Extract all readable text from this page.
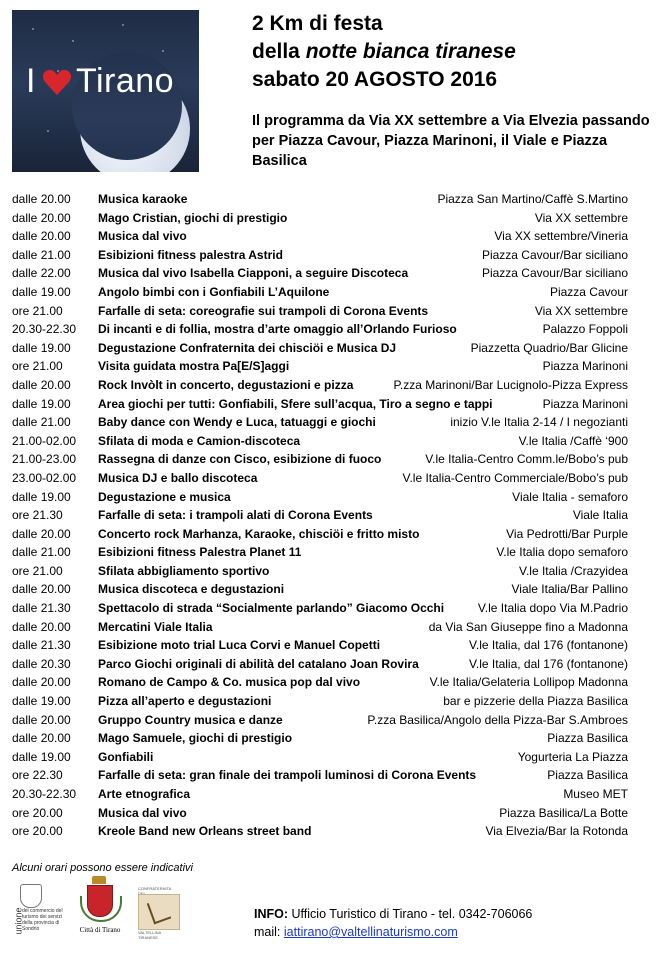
I Tirano
2 Km di festa
della notte bianca tiranese
sabato 20 AGOSTO 2016
Il programma da Via XX settembre a Via Elvezia passando per Piazza Cavour, Piazza Marinoni, il Viale e Piazza Basilica
dalle 20.00 Musica karaoke	Piazza San Martino/Caffè S.Martino
dalle 20.00 Mago Cristian, giochi di prestigio	Via XX settembre
dalle 20.00 Musica dal vivo	Via XX settembre/Vineria
dalle 21.00 Esibizioni fitness palestra Astrid	Piazza Cavour/Bar siciliano
dalle 22.00 Musica dal vivo Isabella Ciapponi, a seguire Discoteca	Piazza Cavour/Bar siciliano
dalle 19.00 Angolo bimbi con i Gonfiabili L’Aquilone	Piazza Cavour
ore 21.00	Farfalle di seta: coreografie sui trampoli di Corona Events	Via XX settembre
20.30-22.30 Di incanti e di follia, mostra d’arte omaggio all’Orlando Furioso	Palazzo Foppoli
dalle 19.00 Degustazione Confraternita dei chisciöi e Musica DJ	Piazzetta Quadrio/Bar Glicine
ore 21.00	Visita guidata mostra Pa[E/S]aggi	Piazza Marinoni
dalle 20.00 Rock Invòlt in concerto, degustazioni e pizza	P.zza Marinoni/Bar Lucignolo-Pizza Express
dalle 19.00 Area giochi per tutti: Gonfiabili, Sfere sull’acqua, Tiro a segno e tappi	Piazza Marinoni
dalle 21.00 Baby dance con Wendy e Luca, tatuaggi e giochi	inizio V.le Italia 2-14 / I negozianti
21.00-02.00 Sfilata di moda e Camion-discoteca	V.le Italia /Caffè ‘900
21.00-23.00 Rassegna di danze con Cisco, esibizione di fuoco	V.le Italia-Centro Comm.le/Bobo’s pub
23.00-02.00 Musica DJ e ballo discoteca	V.le Italia-Centro Commerciale/Bobo’s pub
dalle 19.00 Degustazione e musica	Viale Italia - semaforo
ore 21.30	Farfalle di seta: i trampoli alati di Corona Events	Viale Italia
dalle 20.00 Concerto rock Marhanza, Karaoke, chisciöi e fritto misto	Via Pedrotti/Bar Purple
dalle 21.00 Esibizioni fitness Palestra Planet 11	V.le Italia dopo semaforo
ore 21.00	Sfilata abbigliamento sportivo	V.le Italia /Crazyidea
dalle 20.00 Musica discoteca e degustazioni	Viale Italia/Bar Pallino
dalle 21.30 Spettacolo di strada “Socialmente parlando” Giacomo Occhi	V.le Italia dopo Via M.Padrio
dalle 20.00 Mercatini Viale Italia	da Via San Giuseppe fino a Madonna
dalle 21.30 Esibizione moto trial Luca Corvi e Manuel Copetti	V.le Italia, dal 176 (fontanone)
dalle 20.30 Parco Giochi originali di abilità del catalano Joan Rovira	V.le Italia, dal 176 (fontanone)
dalle 20.00 Romano de Campo & Co. musica pop dal vivo	V.le Italia/Gelateria Lollipop Madonna
dalle 19.00 Pizza all’aperto e degustazioni	bar e pizzerie della Piazza Basilica
dalle 20.00 Gruppo Country musica e danze	P.zza Basilica/Angolo della Pizza-Bar S.Ambroes
dalle 20.00 Mago Samuele, giochi di prestigio	Piazza Basilica
dalle 19.00 Gonfiabili	Yogurteria La Piazza
ore 22.30	Farfalle di seta: gran finale dei trampoli luminosi di Corona Events	Piazza Basilica
20.30-22.30 Arte etnografica	Museo MET
ore 20.00	Musica dal vivo	Piazza Basilica/La Botte
ore 20.00	Kreole Band new Orleans street band	Via Elvezia/Bar la Rotonda
Alcuni orari possono essere indicativi
unione
del commercio del turismo dei servizi della provincia di Sondrio	Città di Tirano
CONFRATERNITA
VALTELLINA TIRANESE
INFO: Ufficio Turistico di Tirano - tel. 0342-706066
mail: iattirano@valtellinaturismo.com
